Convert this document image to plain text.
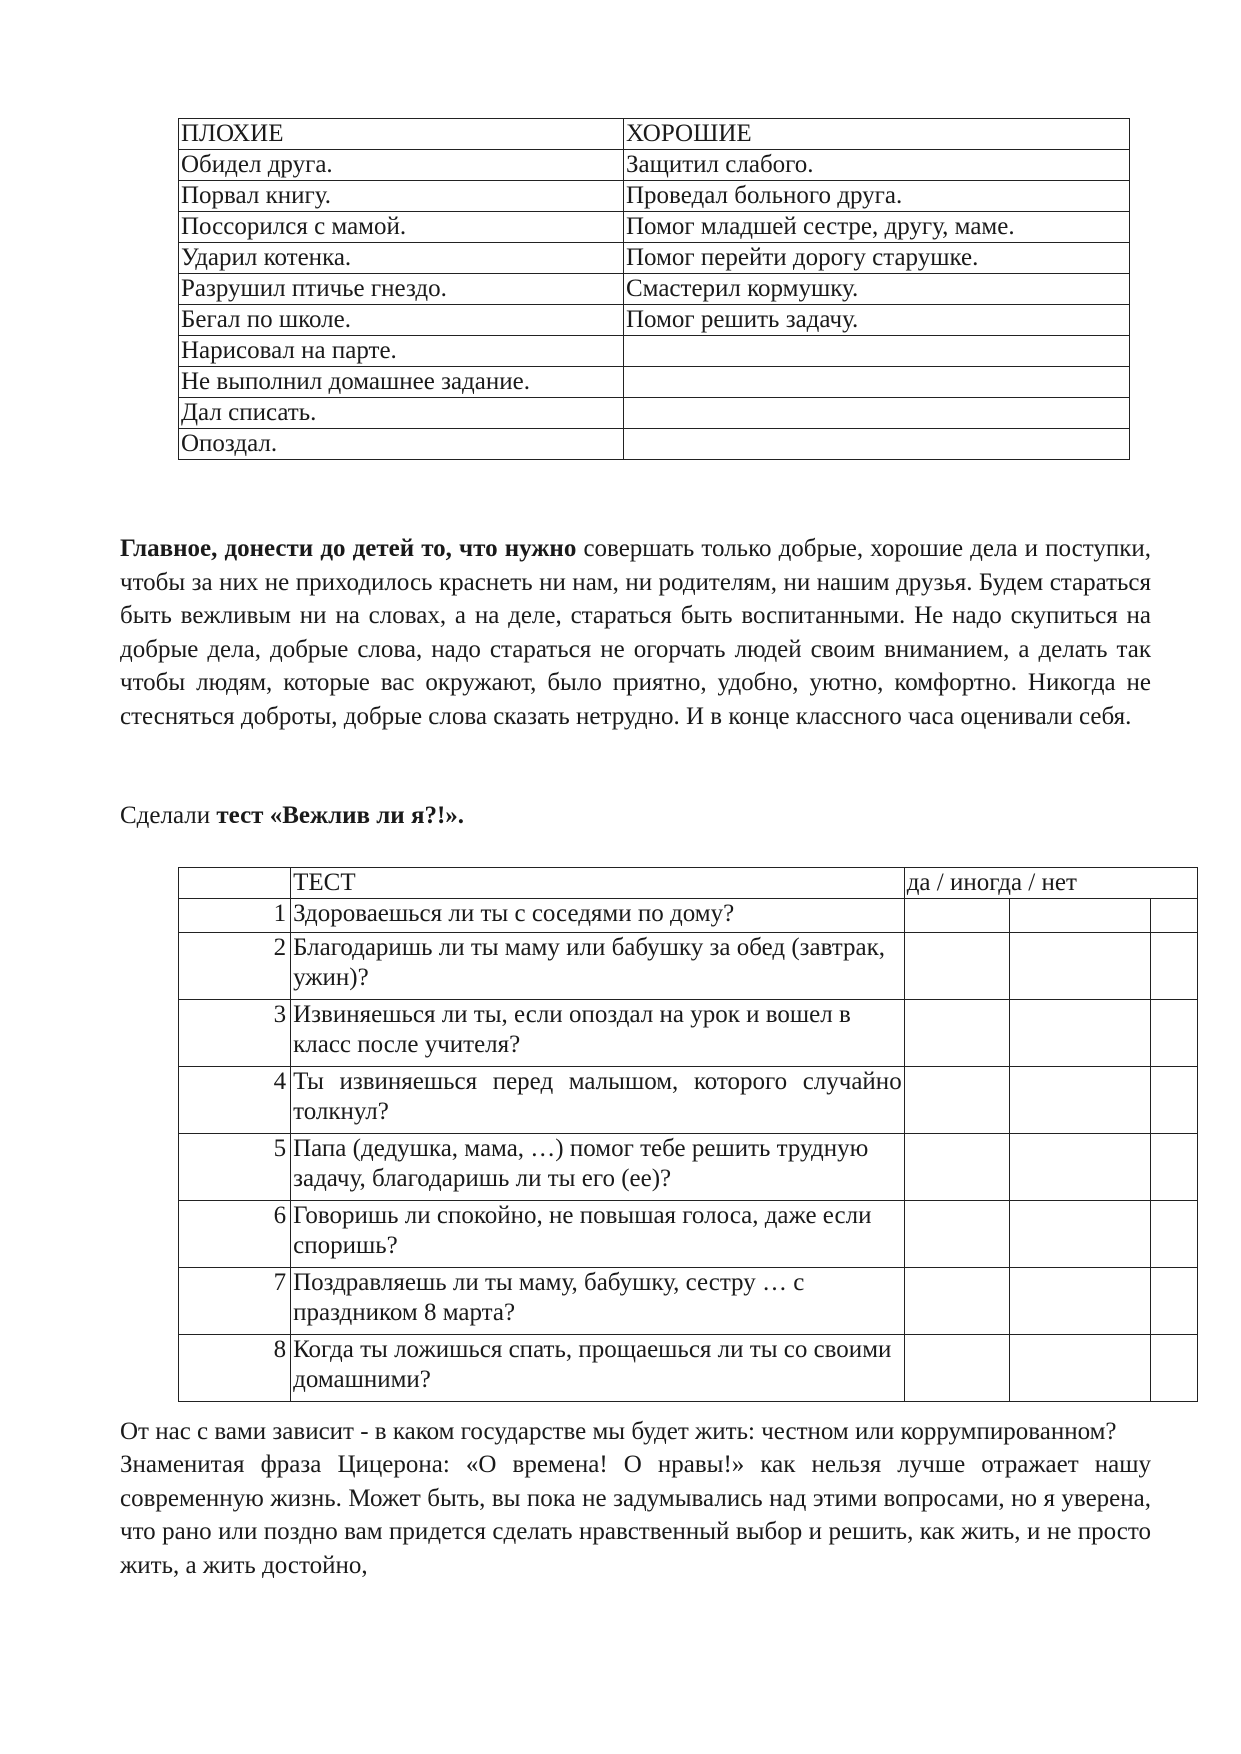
ПЛОХИЕ	ХОРОШИЕ
Обидел друга.	Защитил слабого.
Порвал книгу.	Проведал больного друга.
Поссорился с мамой.	Помог младшей сестре, другу, маме.
Ударил котенка.	Помог перейти дорогу старушке.
Разрушил птичье гнездо.	Смастерил кормушку.
Бегал по школе.	Помог решить задачу.
Нарисовал на парте.	
Не выполнил домашнее задание.	
Дал списать.	
Опоздал.	

Главное, донести до детей то, что нужно совершать только добрые, хорошие дела и поступки, чтобы за них не приходилось краснеть ни нам, ни родителям, ни нашим друзья. Будем стараться быть вежливым ни на словах, а на деле, стараться быть воспитанными. Не надо скупиться на добрые дела, добрые слова, надо стараться не огорчать людей своим вниманием, а делать так чтобы людям, которые вас окружают, было приятно, удобно, уютно, комфортно. Никогда не стесняться доброты, добрые слова сказать нетрудно. И в конце классного часа оценивали себя.

Сделали тест «Вежлив ли я?!».

	ТЕСТ	да / иногда / нет		
1	Здороваешься ли ты с соседями по дому?			
2	Благодаришь ли ты маму или бабушку за обед (завтрак, ужин)?			
3	Извиняешься ли ты, если опоздал на урок и вошел в класс после учителя?			
4	Ты извиняешься перед малышом, которого случайно толкнул?			
5	Папа (дедушка, мама, …) помог тебе решить трудную задачу, благодаришь ли ты его (ее)?			
6	Говоришь ли спокойно, не повышая голоса, даже если споришь?			
7	Поздравляешь ли ты маму, бабушку, сестру … с праздником 8 марта?			
8	Когда ты ложишься спать, прощаешься ли ты со своими домашними?			

От нас с вами зависит - в каком государстве мы будет жить: честном или коррумпированном?

Знаменитая фраза Цицерона: «О времена! О нравы!» как нельзя лучше отражает нашу современную жизнь. Может быть, вы пока не задумывались над этими вопросами, но я уверена, что рано или поздно вам придется сделать нравственный выбор и решить, как жить, и не просто жить, а жить достойно,
